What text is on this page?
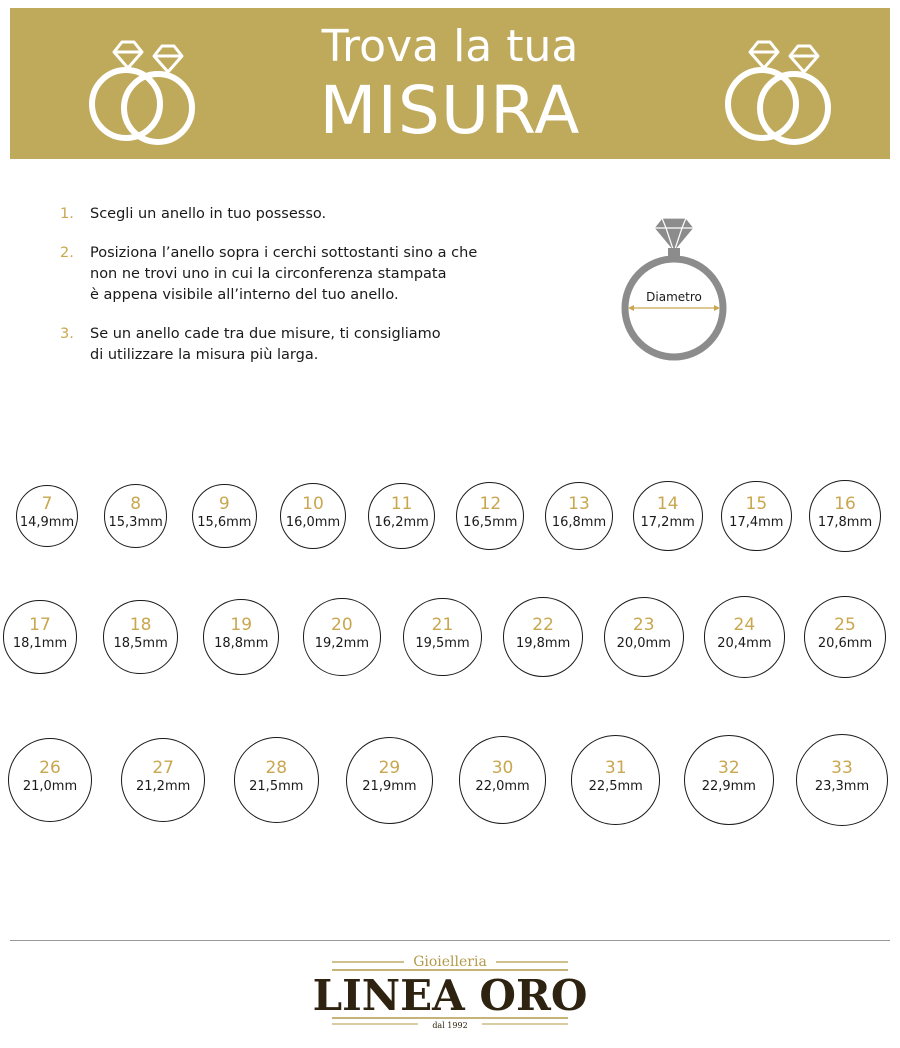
Trova la tua
MISURA
1.	Scegli un anello in tuo possesso.
2.	Posiziona l’anello sopra i cerchi sottostanti sino a che
non ne trovi uno in cui la circonferenza stampata
è appena visibile all’interno del tuo anello.
3.	Se un anello cade tra due misure, ti consigliamo
di utilizzare la misura più larga.
Diametro
7
14,9mm
8
15,3mm
9
15,6mm
10
16,0mm
11
16,2mm
12
16,5mm
13
16,8mm
14
17,2mm
15
17,4mm
16
17,8mm
17
18,1mm
18
18,5mm
19
18,8mm
20
19,2mm
21
19,5mm
22
19,8mm
23
20,0mm
24
20,4mm
25
20,6mm
26
21,0mm
27
21,2mm
28
21,5mm
29
21,9mm
30
22,0mm
31
22,5mm
32
22,9mm
33
23,3mm
Gioielleria
LINEA ORO
dal 1992
